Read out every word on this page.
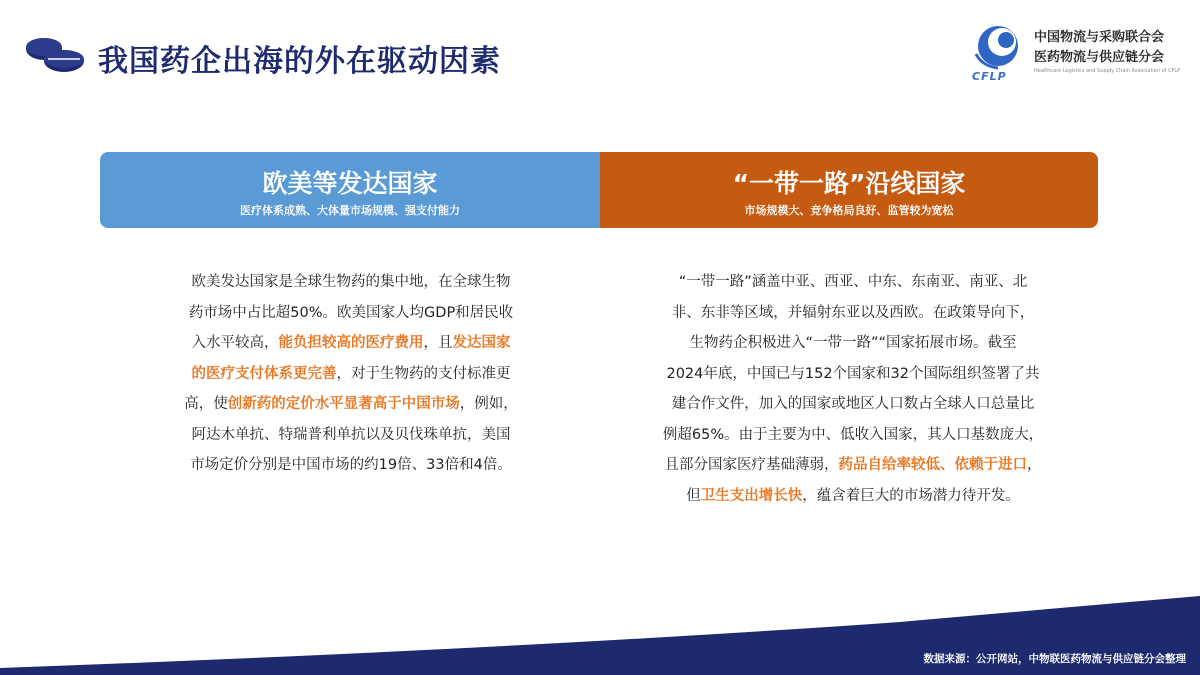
我国药企出海的外在驱动因素	CFLP
中国物流与采购联合会
医药物流与供应链分会
Healthcare Logistics and Supply Chain Association of CFLP
欧美等发达国家
医疗体系成熟、大体量市场规模、强支付能力
“一带一路”沿线国家
市场规模大、竞争格局良好、监管较为宽松
欧美发达国家是全球生物药的集中地，在全球生物
药市场中占比超50%。欧美国家人均GDP和居民收
入水平较高，能负担较高的医疗费用，且发达国家
的医疗支付体系更完善，对于生物药的支付标准更
高，使创新药的定价水平显著高于中国市场，例如，
阿达木单抗、特瑞普利单抗以及贝伐珠单抗，美国
市场定价分别是中国市场的约19倍、33倍和4倍。
“一带一路”涵盖中亚、西亚、中东、东南亚、南亚、北
非、东非等区域，并辐射东亚以及西欧。在政策导向下，
生物药企积极进入“一带一路”“国家拓展市场。截至
2024年底，中国已与152个国家和32个国际组织签署了共
建合作文件，加入的国家或地区人口数占全球人口总量比
例超65%。由于主要为中、低收入国家，其人口基数庞大，
且部分国家医疗基础薄弱，药品自给率较低、依赖于进口，
但卫生支出增长快，蕴含着巨大的市场潜力待开发。
数据来源：公开网站，中物联医药物流与供应链分会整理
